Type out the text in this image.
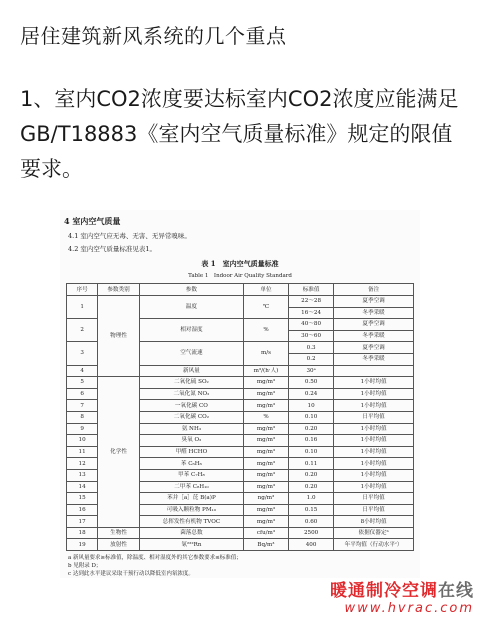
居住建筑新风系统的几个重点
1、室内CO2浓度要达标室内CO2浓度应能满足GB/T18883《室内空气质量标准》规定的限值要求。
4 室内空气质量
4.1 室内空气应无毒、无害、无异常嗅味。
4.2 室内空气质量标准见表1。
表 1　室内空气质量标准
Table 1　Indoor Air Quality Standard
序号	参数类别	参数	单位	标准值	备注
1	物理性	温度	℃	22～28	夏季空调
				16～24	冬季采暖
2		相对湿度	%	40～80	夏季空调
				30～60	冬季采暖
3		空气流速	m/s	0.3	夏季空调
				0.2	冬季采暖
4		新风量	m³/(h·人)	30ᵃ	
5	化学性	二氧化硫 SO₂	mg/m³	0.50	1小时均值
6		二氧化氮 NO₂	mg/m³	0.24	1小时均值
7		一氧化碳 CO	mg/m³	10	1小时均值
8		二氧化碳 CO₂	%	0.10	日平均值
9		氨 NH₃	mg/m³	0.20	1小时均值
10		臭氧 O₃	mg/m³	0.16	1小时均值
11		甲醛 HCHO	mg/m³	0.10	1小时均值
12		苯 C₆H₆	mg/m³	0.11	1小时均值
13		甲苯 C₇H₈	mg/m³	0.20	1小时均值
14		二甲苯 C₈H₁₀	mg/m³	0.20	1小时均值
15		苯并［a］芘 B(a)P	ng/m³	1.0	日平均值
16		可吸入颗粒物 PM₁₀	mg/m³	0.15	日平均值
17		总挥发性有机物 TVOC	mg/m³	0.60	8小时均值
18	生物性	菌落总数	cfu/m³	2500	依据仪器定ᵇ
19	放射性	氡²²²Rn	Bq/m³	400	年平均值（行动水平ᶜ）
a 新风量要求≥标准值，除温度、相对湿度外的其它参数要求≤标准值；
b 见附录 D；
c 达到此水平建议采取干预行动以降低室内氡浓度。
暖通制冷空调在线
www.hvrac.com
